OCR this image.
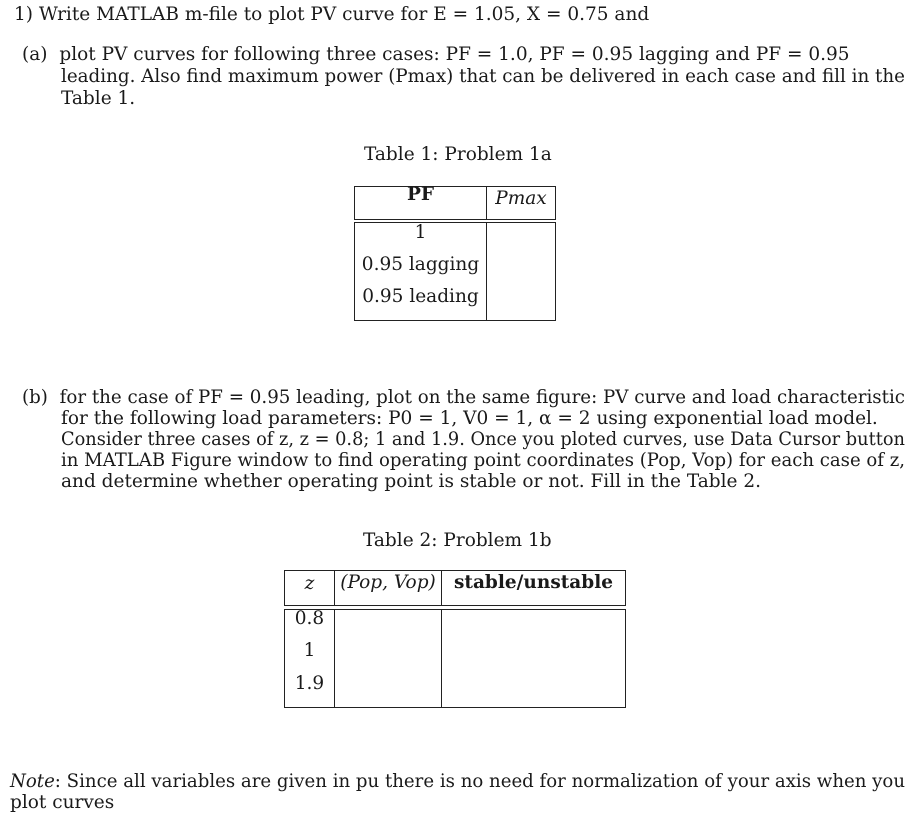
1) Write MATLAB m-file to plot PV curve for E = 1.05, X = 0.75 and
(a) plot PV curves for following three cases: PF = 1.0, PF = 0.95 lagging and PF = 0.95
leading. Also find maximum power (Pmax) that can be delivered in each case and fill in the
Table 1.
Table 1: Problem 1a
PF	Pmax
1
0.95 lagging
0.95 leading
(b) for the case of PF = 0.95 leading, plot on the same figure: PV curve and load characteristic
for the following load parameters: P0 = 1, V0 = 1, α = 2 using exponential load model.
Consider three cases of z, z = 0.8; 1 and 1.9. Once you ploted curves, use Data Cursor button
in MATLAB Figure window to find operating point coordinates (Pop, Vop) for each case of z,
and determine whether operating point is stable or not. Fill in the Table 2.
Table 2: Problem 1b
z	(Pop, Vop) stable/unstable
0.8
1
1.9
Note: Since all variables are given in pu there is no need for normalization of your axis when you
plot curves
